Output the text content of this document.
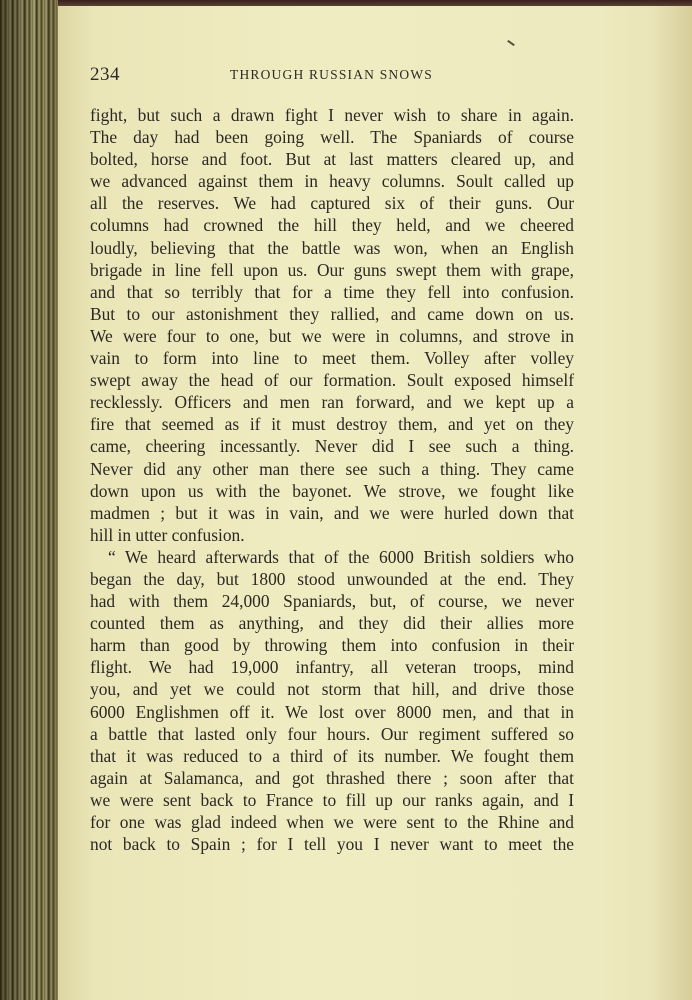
234	THROUGH RUSSIAN SNOWS
fight, but such a drawn fight I never wish to share in again.
The day had been going well. The Spaniards of course
bolted, horse and foot. But at last matters cleared up, and
we advanced against them in heavy columns. Soult called up
all the reserves. We had captured six of their guns. Our
columns had crowned the hill they held, and we cheered
loudly, believing that the battle was won, when an English
brigade in line fell upon us. Our guns swept them with grape,
and that so terribly that for a time they fell into confusion.
But to our astonishment they rallied, and came down on us.
We were four to one, but we were in columns, and strove in
vain to form into line to meet them. Volley after volley
swept away the head of our formation. Soult exposed himself
recklessly. Officers and men ran forward, and we kept up a
fire that seemed as if it must destroy them, and yet on they
came, cheering incessantly. Never did I see such a thing.
Never did any other man there see such a thing. They came
down upon us with the bayonet. We strove, we fought like
madmen ; but it was in vain, and we were hurled down that
hill in utter confusion.
“ We heard afterwards that of the 6000 British soldiers who
began the day, but 1800 stood unwounded at the end. They
had with them 24,000 Spaniards, but, of course, we never
counted them as anything, and they did their allies more
harm than good by throwing them into confusion in their
flight. We had 19,000 infantry, all veteran troops, mind
you, and yet we could not storm that hill, and drive those
6000 Englishmen off it. We lost over 8000 men, and that in
a battle that lasted only four hours. Our regiment suffered so
that it was reduced to a third of its number. We fought them
again at Salamanca, and got thrashed there ; soon after that
we were sent back to France to fill up our ranks again, and I
for one was glad indeed when we were sent to the Rhine and
not back to Spain ; for I tell you I never want to meet the
